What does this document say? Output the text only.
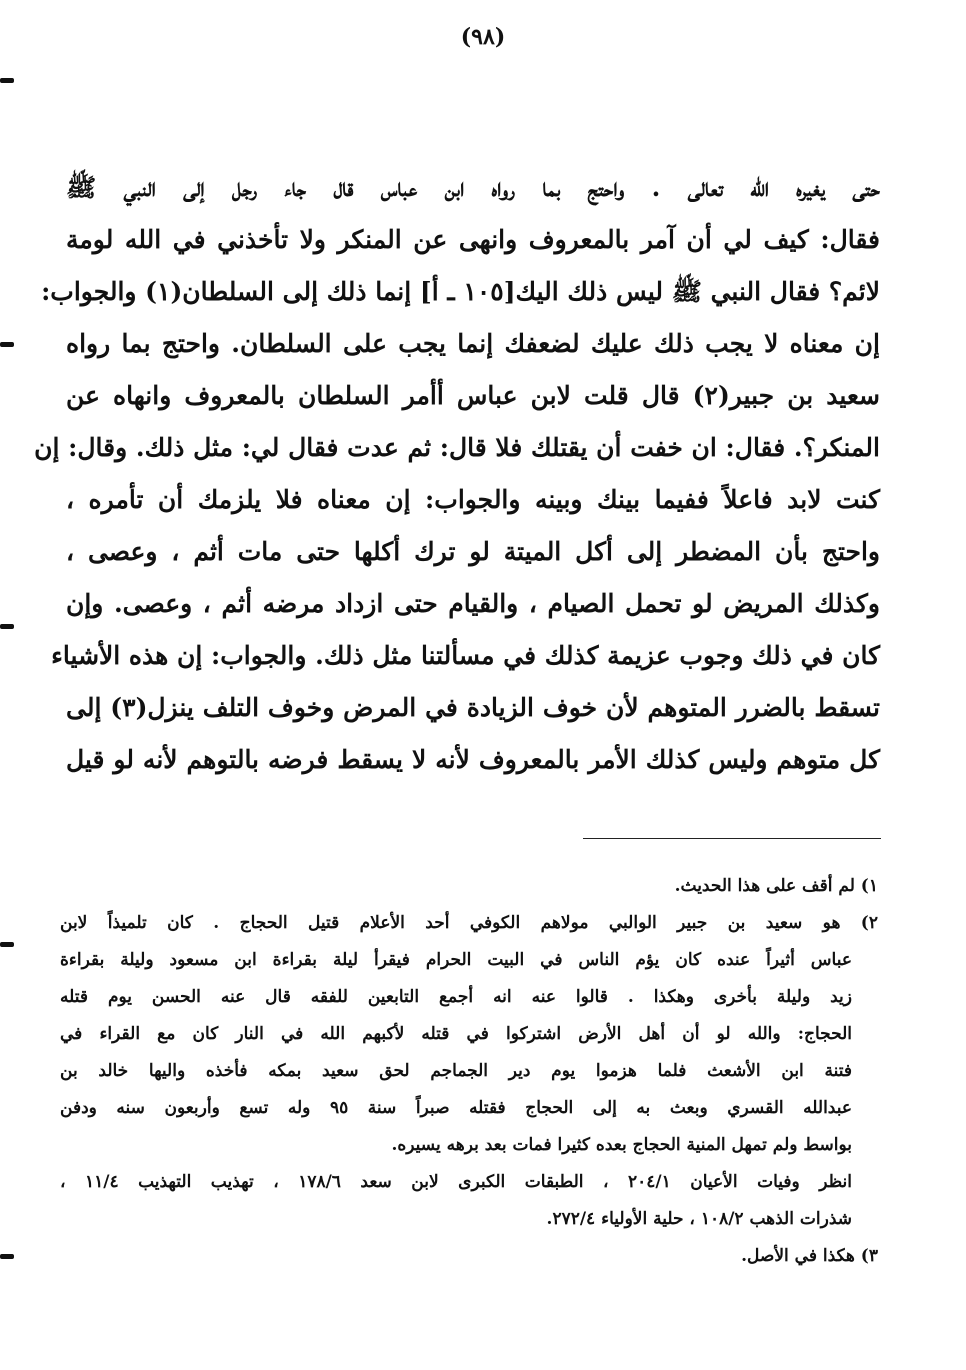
(٩٨)
حتى يغيره الله تعالى . واحتج بما رواه ابن عباس قال جاء رجل إلى النبي ﷺ
فقال: كيف لي أن آمر بالمعروف وانهى عن المنكر ولا تأخذني في الله لومة
لائم؟ فقال النبي ﷺ ليس ذلك اليك[١٠٥ ـ أ] إنما ذلك إلى السلطان(١) والجواب:
إن معناه لا يجب ذلك عليك لضعفك إنما يجب على السلطان. واحتج بما رواه
سعيد بن جبير(٢) قال قلت لابن عباس أأمر السلطان بالمعروف وانهاه عن
المنكر؟. فقال: ان خفت أن يقتلك فلا قال: ثم عدت فقال لي: مثل ذلك. وقال: إن
كنت لابد فاعلاً ففيما بينك وبينه والجواب: إن معناه فلا يلزمك أن تأمره ،
واحتج بأن المضطر إلى أكل الميتة لو ترك أكلها حتى مات أثم ، وعصى ،
وكذلك المريض لو تحمل الصيام ، والقيام حتى ازداد مرضه أثم ، وعصى. وإن
كان في ذلك وجوب عزيمة كذلك في مسألتنا مثل ذلك. والجواب: إن هذه الأشياء
تسقط بالضرر المتوهم لأن خوف الزيادة في المرض وخوف التلف ينزل(٣) إلى
كل متوهم وليس كذلك الأمر بالمعروف لأنه لا يسقط فرضه بالتوهم لأنه لو قيل
١) لم أقف على هذا الحديث.
٢) هو سعيد بن جبير الوالبي مولاهم الكوفي أحد الأعلام قتيل الحجاج . كان تلميذاً لابن
عباس أثيراً عنده كان يؤم الناس في البيت الحرام فيقرأ ليلة بقراءة ابن مسعود وليلة بقراءة
زيد وليلة بأخرى وهكذا . قالوا عنه انه أجمع التابعين للفقه قال عنه الحسن يوم قتله
الحجاج: والله لو أن أهل الأرض اشتركوا في قتله لأكبهم الله في النار كان مع القراء في
فتنة ابن الأشعث فلما هزموا يوم دير الجماجم لحق سعيد بمكه فأخذه واليها خالد بن
عبدالله القسري وبعث به إلى الحجاج فقتله صبراً سنة ٩٥ وله تسع وأربعون سنه ودفن
بواسط ولم تمهل المنية الحجاج بعده كثيرا فمات بعد برهه يسيره.
انظر وفيات الأعيان ٢٠٤/١ ، الطبقات الكبرى لابن سعد ١٧٨/٦ ، تهذيب التهذيب ١١/٤ ،
شذرات الذهب ١٠٨/٢ ، حلية الأولياء ٢٧٢/٤.
٣) هكذا في الأصل.
